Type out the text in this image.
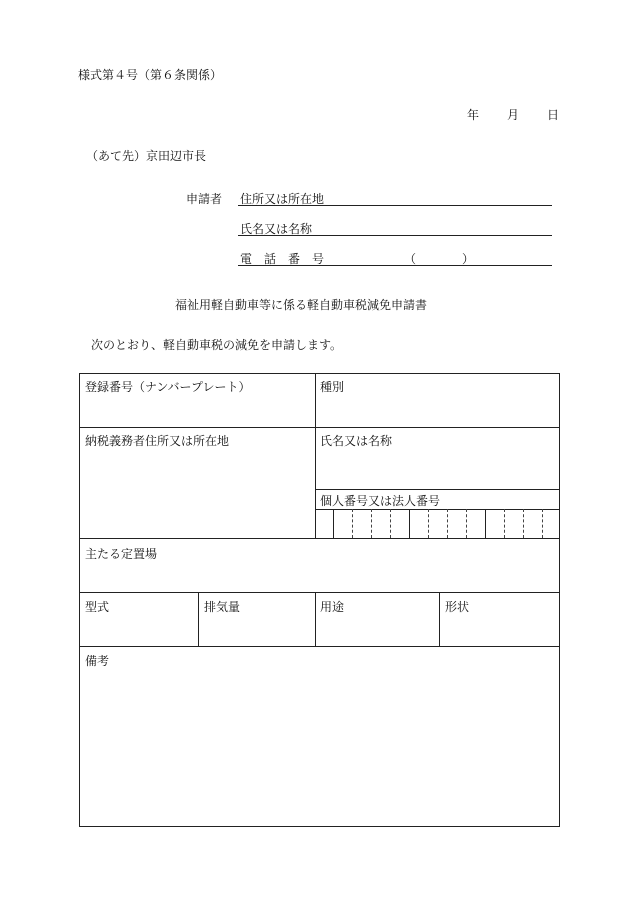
様式第４号（第６条関係）
年 月 日
（あて先）京田辺市長
申請者 住所又は所在地
氏名又は名称
電　話　番　号	（	）
福祉用軽自動車等に係る軽自動車税減免申請書
次のとおり、軽自動車税の減免を申請します。
登録番号（ナンバープレート）	種別
納税義務者住所又は所在地	氏名又は名称
個人番号又は法人番号
主たる定置場
型式	排気量	用途	形状
備考
